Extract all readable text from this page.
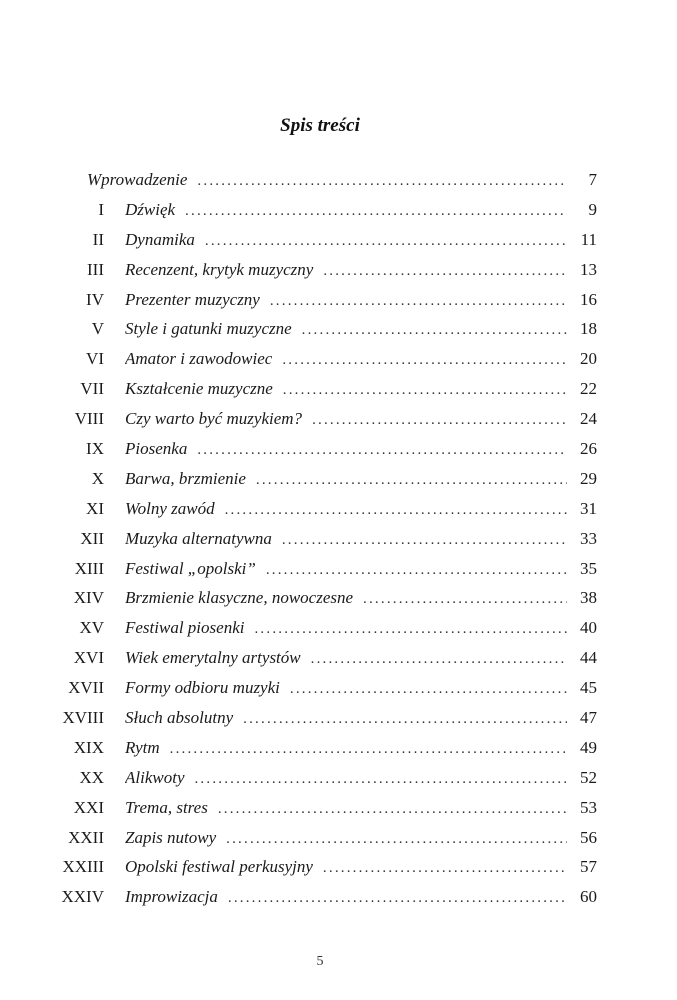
Spis treści
Wprowadzenie .....	7
I Dźwięk .....	9
II Dynamika .....	11
III Recenzent, krytyk muzyczny .....	13
IV Prezenter muzyczny .....	16
V Style i gatunki muzyczne .....	18
VI Amator i zawodowiec .....	20
VII Kształcenie muzyczne .....	22
VIII Czy warto być muzykiem? .....	24
IX Piosenka .....	26
X Barwa, brzmienie .....	29
XI Wolny zawód .....	31
XII Muzyka alternatywna .....	33
XIII Festiwal „opolski” .....	35
XIV Brzmienie klasyczne, nowoczesne .....	38
XV Festiwal piosenki .....	40
XVI Wiek emerytalny artystów .....	44
XVII Formy odbioru muzyki .....	45
XVIII Słuch absolutny .....	47
XIX Rytm .....	49
XX Alikwoty .....	52
XXI Trema, stres .....	53
XXII Zapis nutowy .....	56
XXIII Opolski festiwal perkusyjny .....	57
XXIV Improwizacja .....	60
5
